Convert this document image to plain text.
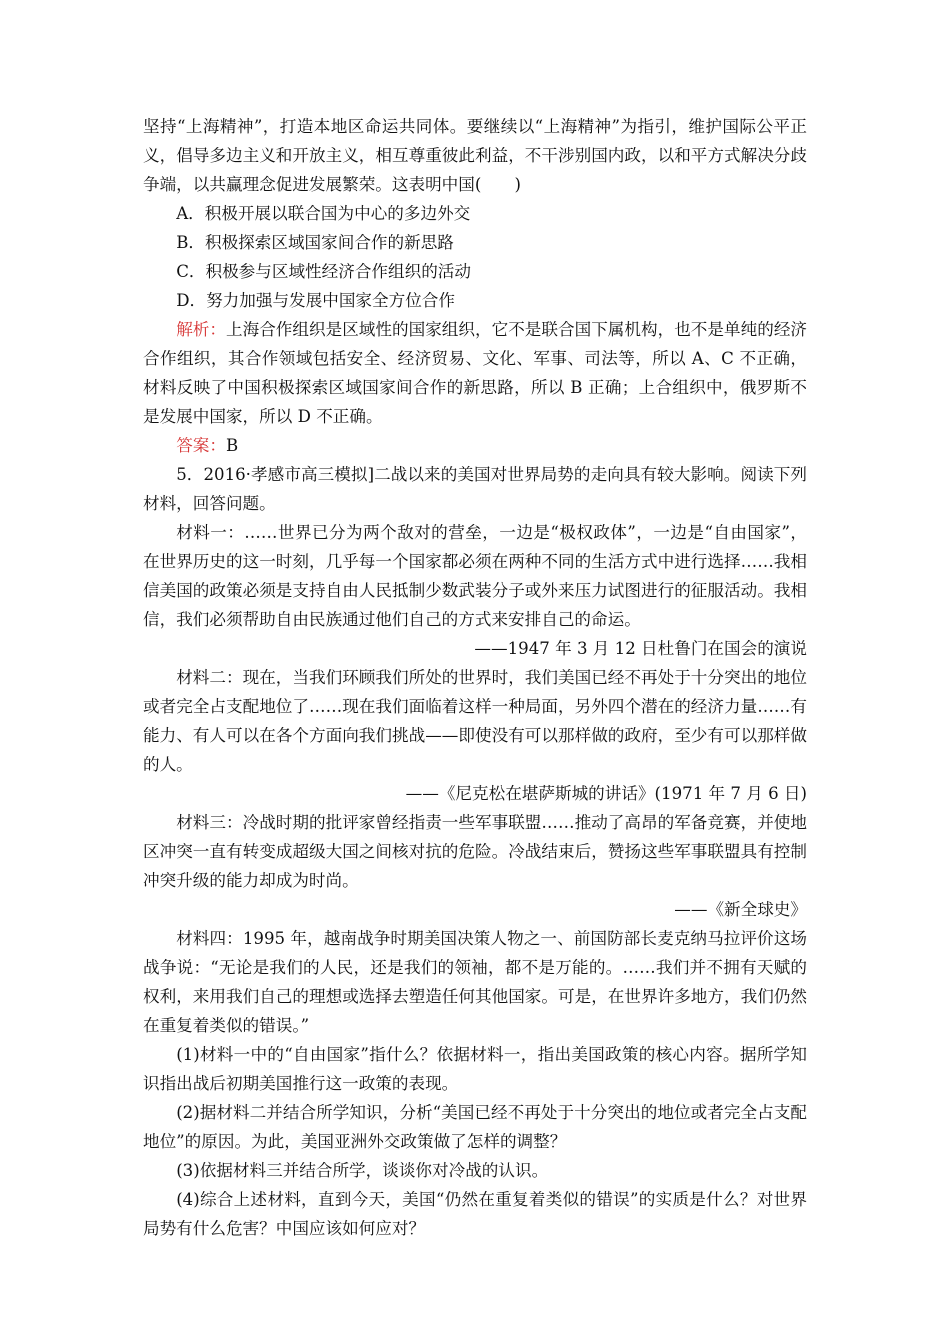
坚持“上海精神”，打造本地区命运共同体。要继续以“上海精神”为指引，维护国际公平正义，倡导多边主义和开放主义，相互尊重彼此利益，不干涉别国内政，以和平方式解决分歧争端，以共赢理念促进发展繁荣。这表明中国(　　)

A．积极开展以联合国为中心的多边外交

B．积极探索区域国家间合作的新思路

C．积极参与区域性经济合作组织的活动

D．努力加强与发展中国家全方位合作

解析：上海合作组织是区域性的国家组织，它不是联合国下属机构，也不是单纯的经济合作组织，其合作领域包括安全、经济贸易、文化、军事、司法等，所以 A、C 不正确，材料反映了中国积极探索区域国家间合作的新思路，所以 B 正确；上合组织中，俄罗斯不是发展中国家，所以 D 不正确。

答案：B

5．2016·孝感市高三模拟]二战以来的美国对世界局势的走向具有较大影响。阅读下列材料，回答问题。

材料一：……世界已分为两个敌对的营垒，一边是“极权政体”，一边是“自由国家”，在世界历史的这一时刻，几乎每一个国家都必须在两种不同的生活方式中进行选择……我相信美国的政策必须是支持自由人民抵制少数武装分子或外来压力试图进行的征服活动。我相信，我们必须帮助自由民族通过他们自己的方式来安排自己的命运。

——1947 年 3 月 12 日杜鲁门在国会的演说

材料二：现在，当我们环顾我们所处的世界时，我们美国已经不再处于十分突出的地位或者完全占支配地位了……现在我们面临着这样一种局面，另外四个潜在的经济力量……有能力、有人可以在各个方面向我们挑战——即使没有可以那样做的政府，至少有可以那样做的人。

——《尼克松在堪萨斯城的讲话》(1971 年 7 月 6 日)

材料三：冷战时期的批评家曾经指责一些军事联盟……推动了高昂的军备竞赛，并使地区冲突一直有转变成超级大国之间核对抗的危险。冷战结束后，赞扬这些军事联盟具有控制冲突升级的能力却成为时尚。

——《新全球史》

材料四：1995 年，越南战争时期美国决策人物之一、前国防部长麦克纳马拉评价这场战争说：“无论是我们的人民，还是我们的领袖，都不是万能的。……我们并不拥有天赋的权利，来用我们自己的理想或选择去塑造任何其他国家。可是，在世界许多地方，我们仍然在重复着类似的错误。”

(1)材料一中的“自由国家”指什么？依据材料一，指出美国政策的核心内容。据所学知识指出战后初期美国推行这一政策的表现。

(2)据材料二并结合所学知识，分析“美国已经不再处于十分突出的地位或者完全占支配地位”的原因。为此，美国亚洲外交政策做了怎样的调整？

(3)依据材料三并结合所学，谈谈你对冷战的认识。

(4)综合上述材料，直到今天，美国“仍然在重复着类似的错误”的实质是什么？对世界局势有什么危害？中国应该如何应对？
